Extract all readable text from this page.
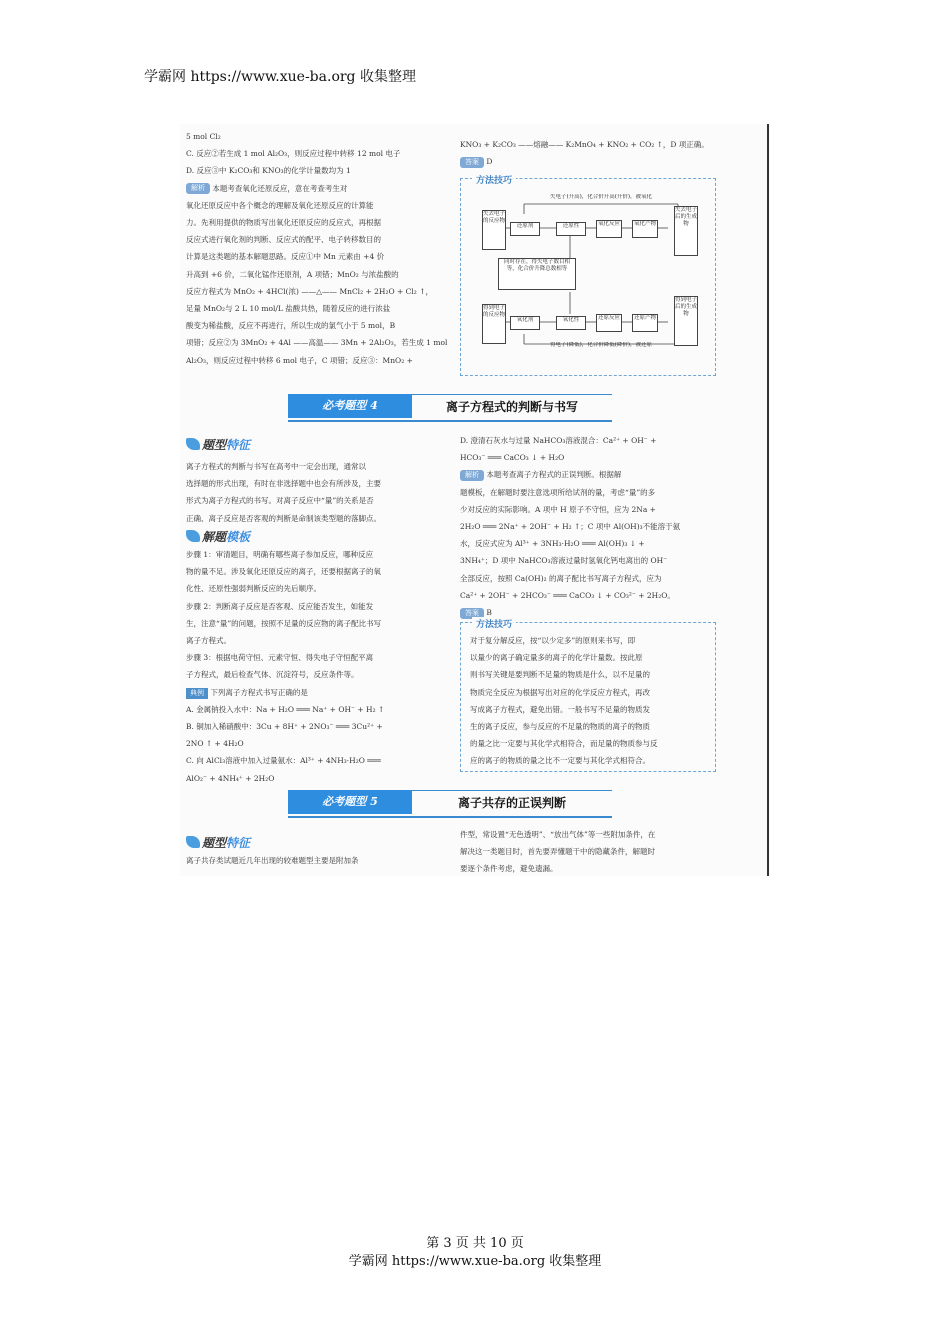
学霸网 https://www.xue-ba.org 收集整理

5 mol Cl₂

C. 反应②若生成 1 mol Al₂O₃，则反应过程中转移 12 mol 电子

D. 反应③中 K₂CO₃和 KNO₃的化学计量数均为 1

解析 本题考查氧化还原反应，意在考查考生对

氧化还原反应中各个概念的理解及氧化还原反应的计算能

力。先利用提供的物质写出氧化还原反应的反应式，再根据

反应式进行氧化剂的判断、反应式的配平、电子转移数目的

计算是这类题的基本解题思路。反应①中 Mn 元素由 +4 价

升高到 +6 价，二氧化锰作还原剂，A 项错；MnO₂ 与浓盐酸的

反应方程式为 MnO₂ + 4HCl(浓) ——△—— MnCl₂ + 2H₂O + Cl₂ ↑，

足量 MnO₂与 2 L 10 mol/L 盐酸共热，随着反应的进行浓盐

酸变为稀盐酸，反应不再进行，所以生成的氯气小于 5 mol，B

项错；反应②为 3MnO₂ + 4Al ——高温—— 3Mn + 2Al₂O₃，若生成 1 mol

Al₂O₃，则反应过程中转移 6 mol 电子，C 项错；反应③：MnO₂ +

KNO₃ + K₂CO₃ ——熔融—— K₂MnO₄ + KNO₂ + CO₂ ↑，D 项正确。

答案 D

方法技巧
失电子(升高)，化合价升高(升价)，被氧化
得电子(降低)，化合价降低(降价)，被还原
失去电子的反应物
还原剂	还原性	氧化反应	氧化产物
失去电子后的生成物
同时存在，得失电子数目相等，化合价升降总数相等
得到电子的反应物
氧化剂	氧化性	还原反应	还原产物
得到电子后的生成物
必考题型 4	离子方程式的判断与书写
题型特征

离子方程式的判断与书写在高考中一定会出现，通常以

选择题的形式出现，有时在非选择题中也会有所涉及，主要

形式为离子方程式的书写。对离子反应中“量”的关系是否

正确、离子反应是否客观的判断是命制该类型题的落脚点。

解题模板

步骤 1：审清题目，明确有哪些离子参加反应，哪种反应

物的量不足。涉及氧化还原反应的离子，还要根据离子的氧

化性、还原性强弱判断反应的先后顺序。

步骤 2：判断离子反应是否客观、反应能否发生，如能发

生，注意“量”的问题，按照不足量的反应物的离子配比书写

离子方程式。

步骤 3：根据电荷守恒、元素守恒、得失电子守恒配平离

子方程式，最后检查气体、沉淀符号，反应条件等。

典例 下列离子方程式书写正确的是

A. 金属钠投入水中：Na + H₂O ═══ Na⁺ + OH⁻ + H₂ ↑

B. 铜加入稀硝酸中：3Cu + 8H⁺ + 2NO₃⁻ ═══ 3Cu²⁺ +

2NO ↑ + 4H₂O

C. 向 AlCl₃溶液中加入过量氨水：Al³⁺ + 4NH₃·H₂O ═══

AlO₂⁻ + 4NH₄⁺ + 2H₂O

D. 澄清石灰水与过量 NaHCO₃溶液混合：Ca²⁺ + OH⁻ +

HCO₃⁻ ═══ CaCO₃ ↓ + H₂O

解析 本题考查离子方程式的正误判断。根据解

题模板，在解题时要注意选项所给试剂的量，考虑“量”的多

少对反应的实际影响。A 项中 H 原子不守恒，应为 2Na +

2H₂O ═══ 2Na⁺ + 2OH⁻ + H₂ ↑；C 项中 Al(OH)₃不能溶于氨

水，反应式应为 Al³⁺ + 3NH₃·H₂O ═══ Al(OH)₃ ↓ +

3NH₄⁺；D 项中 NaHCO₃溶液过量时氢氧化钙电离出的 OH⁻

全部反应，按照 Ca(OH)₂ 的离子配比书写离子方程式，应为

Ca²⁺ + 2OH⁻ + 2HCO₃⁻ ═══ CaCO₃ ↓ + CO₃²⁻ + 2H₂O。

答案 B

方法技巧

对于复分解反应，按“以少定多”的原则来书写，即

以量少的离子确定量多的离子的化学计量数。按此原

则书写关键是要判断不足量的物质是什么，以不足量的

物质完全反应为根据写出对应的化学反应方程式，再改

写成离子方程式，避免出错。一般书写不足量的物质发

生的离子反应，参与反应的不足量的物质的离子的物质

的量之比一定要与其化学式相符合，而足量的物质参与反

应的离子的物质的量之比不一定要与其化学式相符合。

必考题型 5	离子共存的正误判断
题型特征

离子共存类试题近几年出现的较难题型主要是附加条

件型，常设置“无色透明”、“放出气体”等一些附加条件，在

解决这一类题目时，首先要弄懂题干中的隐藏条件，解题时

要逐个条件考虑，避免遗漏。

第 3 页 共 10 页
学霸网 https://www.xue-ba.org 收集整理
